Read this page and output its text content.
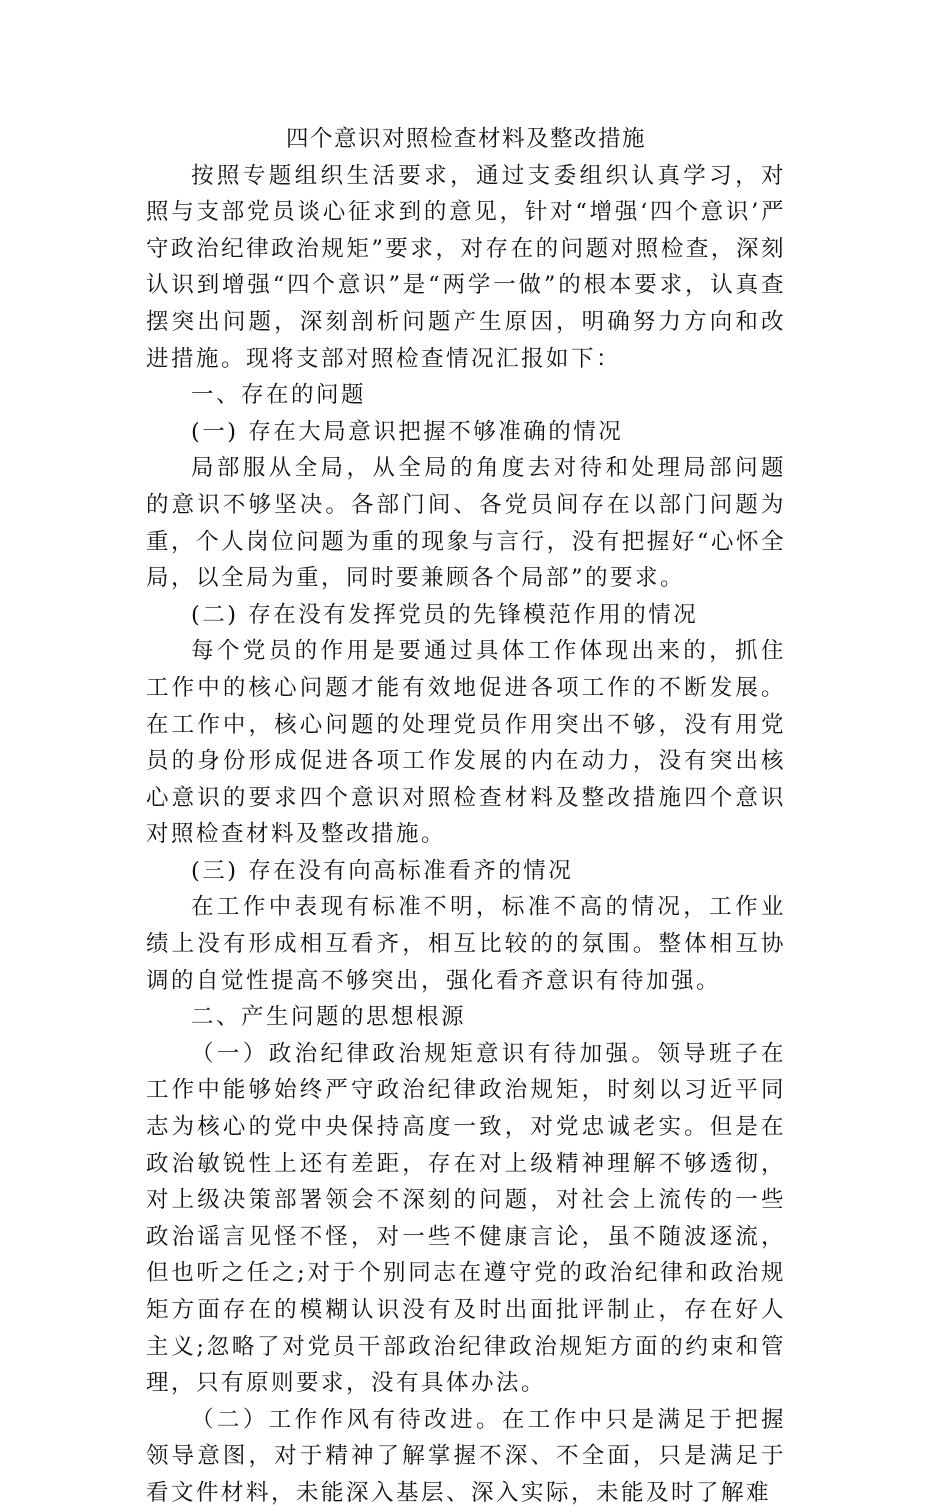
四个意识对照检查材料及整改措施

按照专题组织生活要求，通过支委组织认真学习，对照与支部党员谈心征求到的意见，针对“增强‘四个意识’严守政治纪律政治规矩”要求，对存在的问题对照检查，深刻认识到增强“四个意识”是“两学一做”的根本要求，认真查摆突出问题，深刻剖析问题产生原因，明确努力方向和改进措施。现将支部对照检查情况汇报如下：

一、存在的问题

(一) 存在大局意识把握不够准确的情况

局部服从全局，从全局的角度去对待和处理局部问题的意识不够坚决。各部门间、各党员间存在以部门问题为重，个人岗位问题为重的现象与言行，没有把握好“心怀全局，以全局为重，同时要兼顾各个局部”的要求。

(二) 存在没有发挥党员的先锋模范作用的情况

每个党员的作用是要通过具体工作体现出来的，抓住工作中的核心问题才能有效地促进各项工作的不断发展。在工作中，核心问题的处理党员作用突出不够，没有用党员的身份形成促进各项工作发展的内在动力，没有突出核心意识的要求四个意识对照检查材料及整改措施四个意识对照检查材料及整改措施。

(三) 存在没有向高标准看齐的情况

在工作中表现有标准不明，标准不高的情况，工作业绩上没有形成相互看齐，相互比较的的氛围。整体相互协调的自觉性提高不够突出，强化看齐意识有待加强。

二、产生问题的思想根源

（一）政治纪律政治规矩意识有待加强。领导班子在工作中能够始终严守政治纪律政治规矩，时刻以习近平同志为核心的党中央保持高度一致，对党忠诚老实。但是在政治敏锐性上还有差距，存在对上级精神理解不够透彻，对上级决策部署领会不深刻的问题，对社会上流传的一些政治谣言见怪不怪，对一些不健康言论，虽不随波逐流，但也听之任之;对于个别同志在遵守党的政治纪律和政治规矩方面存在的模糊认识没有及时出面批评制止，存在好人主义;忽略了对党员干部政治纪律政治规矩方面的约束和管理，只有原则要求，没有具体办法。

（二）工作作风有待改进。在工作中只是满足于把握领导意图，对于精神了解掌握不深、不全面，只是满足于看文件材料，未能深入基层、深入实际，未能及时了解难
